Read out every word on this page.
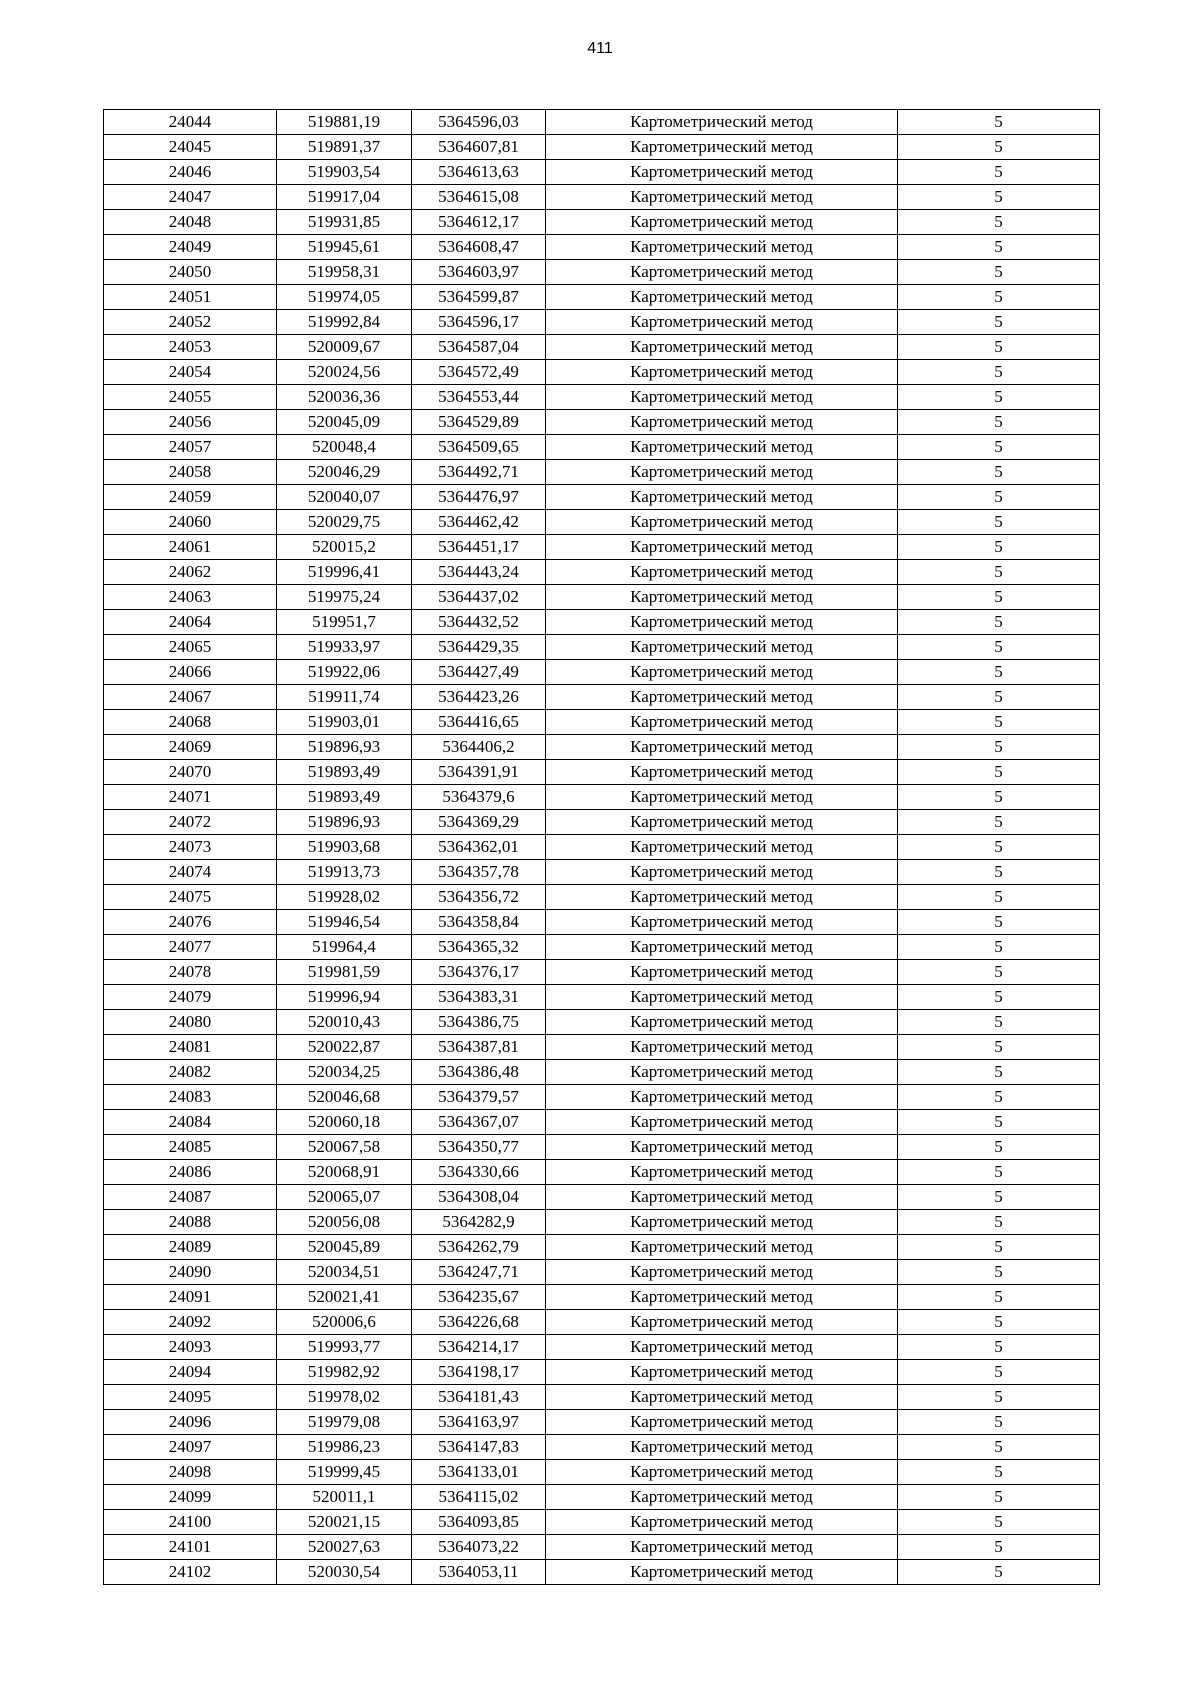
411
24044	519881,19	5364596,03	Картометрический метод	5
24045	519891,37	5364607,81	Картометрический метод	5
24046	519903,54	5364613,63	Картометрический метод	5
24047	519917,04	5364615,08	Картометрический метод	5
24048	519931,85	5364612,17	Картометрический метод	5
24049	519945,61	5364608,47	Картометрический метод	5
24050	519958,31	5364603,97	Картометрический метод	5
24051	519974,05	5364599,87	Картометрический метод	5
24052	519992,84	5364596,17	Картометрический метод	5
24053	520009,67	5364587,04	Картометрический метод	5
24054	520024,56	5364572,49	Картометрический метод	5
24055	520036,36	5364553,44	Картометрический метод	5
24056	520045,09	5364529,89	Картометрический метод	5
24057	520048,4	5364509,65	Картометрический метод	5
24058	520046,29	5364492,71	Картометрический метод	5
24059	520040,07	5364476,97	Картометрический метод	5
24060	520029,75	5364462,42	Картометрический метод	5
24061	520015,2	5364451,17	Картометрический метод	5
24062	519996,41	5364443,24	Картометрический метод	5
24063	519975,24	5364437,02	Картометрический метод	5
24064	519951,7	5364432,52	Картометрический метод	5
24065	519933,97	5364429,35	Картометрический метод	5
24066	519922,06	5364427,49	Картометрический метод	5
24067	519911,74	5364423,26	Картометрический метод	5
24068	519903,01	5364416,65	Картометрический метод	5
24069	519896,93	5364406,2	Картометрический метод	5
24070	519893,49	5364391,91	Картометрический метод	5
24071	519893,49	5364379,6	Картометрический метод	5
24072	519896,93	5364369,29	Картометрический метод	5
24073	519903,68	5364362,01	Картометрический метод	5
24074	519913,73	5364357,78	Картометрический метод	5
24075	519928,02	5364356,72	Картометрический метод	5
24076	519946,54	5364358,84	Картометрический метод	5
24077	519964,4	5364365,32	Картометрический метод	5
24078	519981,59	5364376,17	Картометрический метод	5
24079	519996,94	5364383,31	Картометрический метод	5
24080	520010,43	5364386,75	Картометрический метод	5
24081	520022,87	5364387,81	Картометрический метод	5
24082	520034,25	5364386,48	Картометрический метод	5
24083	520046,68	5364379,57	Картометрический метод	5
24084	520060,18	5364367,07	Картометрический метод	5
24085	520067,58	5364350,77	Картометрический метод	5
24086	520068,91	5364330,66	Картометрический метод	5
24087	520065,07	5364308,04	Картометрический метод	5
24088	520056,08	5364282,9	Картометрический метод	5
24089	520045,89	5364262,79	Картометрический метод	5
24090	520034,51	5364247,71	Картометрический метод	5
24091	520021,41	5364235,67	Картометрический метод	5
24092	520006,6	5364226,68	Картометрический метод	5
24093	519993,77	5364214,17	Картометрический метод	5
24094	519982,92	5364198,17	Картометрический метод	5
24095	519978,02	5364181,43	Картометрический метод	5
24096	519979,08	5364163,97	Картометрический метод	5
24097	519986,23	5364147,83	Картометрический метод	5
24098	519999,45	5364133,01	Картометрический метод	5
24099	520011,1	5364115,02	Картометрический метод	5
24100	520021,15	5364093,85	Картометрический метод	5
24101	520027,63	5364073,22	Картометрический метод	5
24102	520030,54	5364053,11	Картометрический метод	5
